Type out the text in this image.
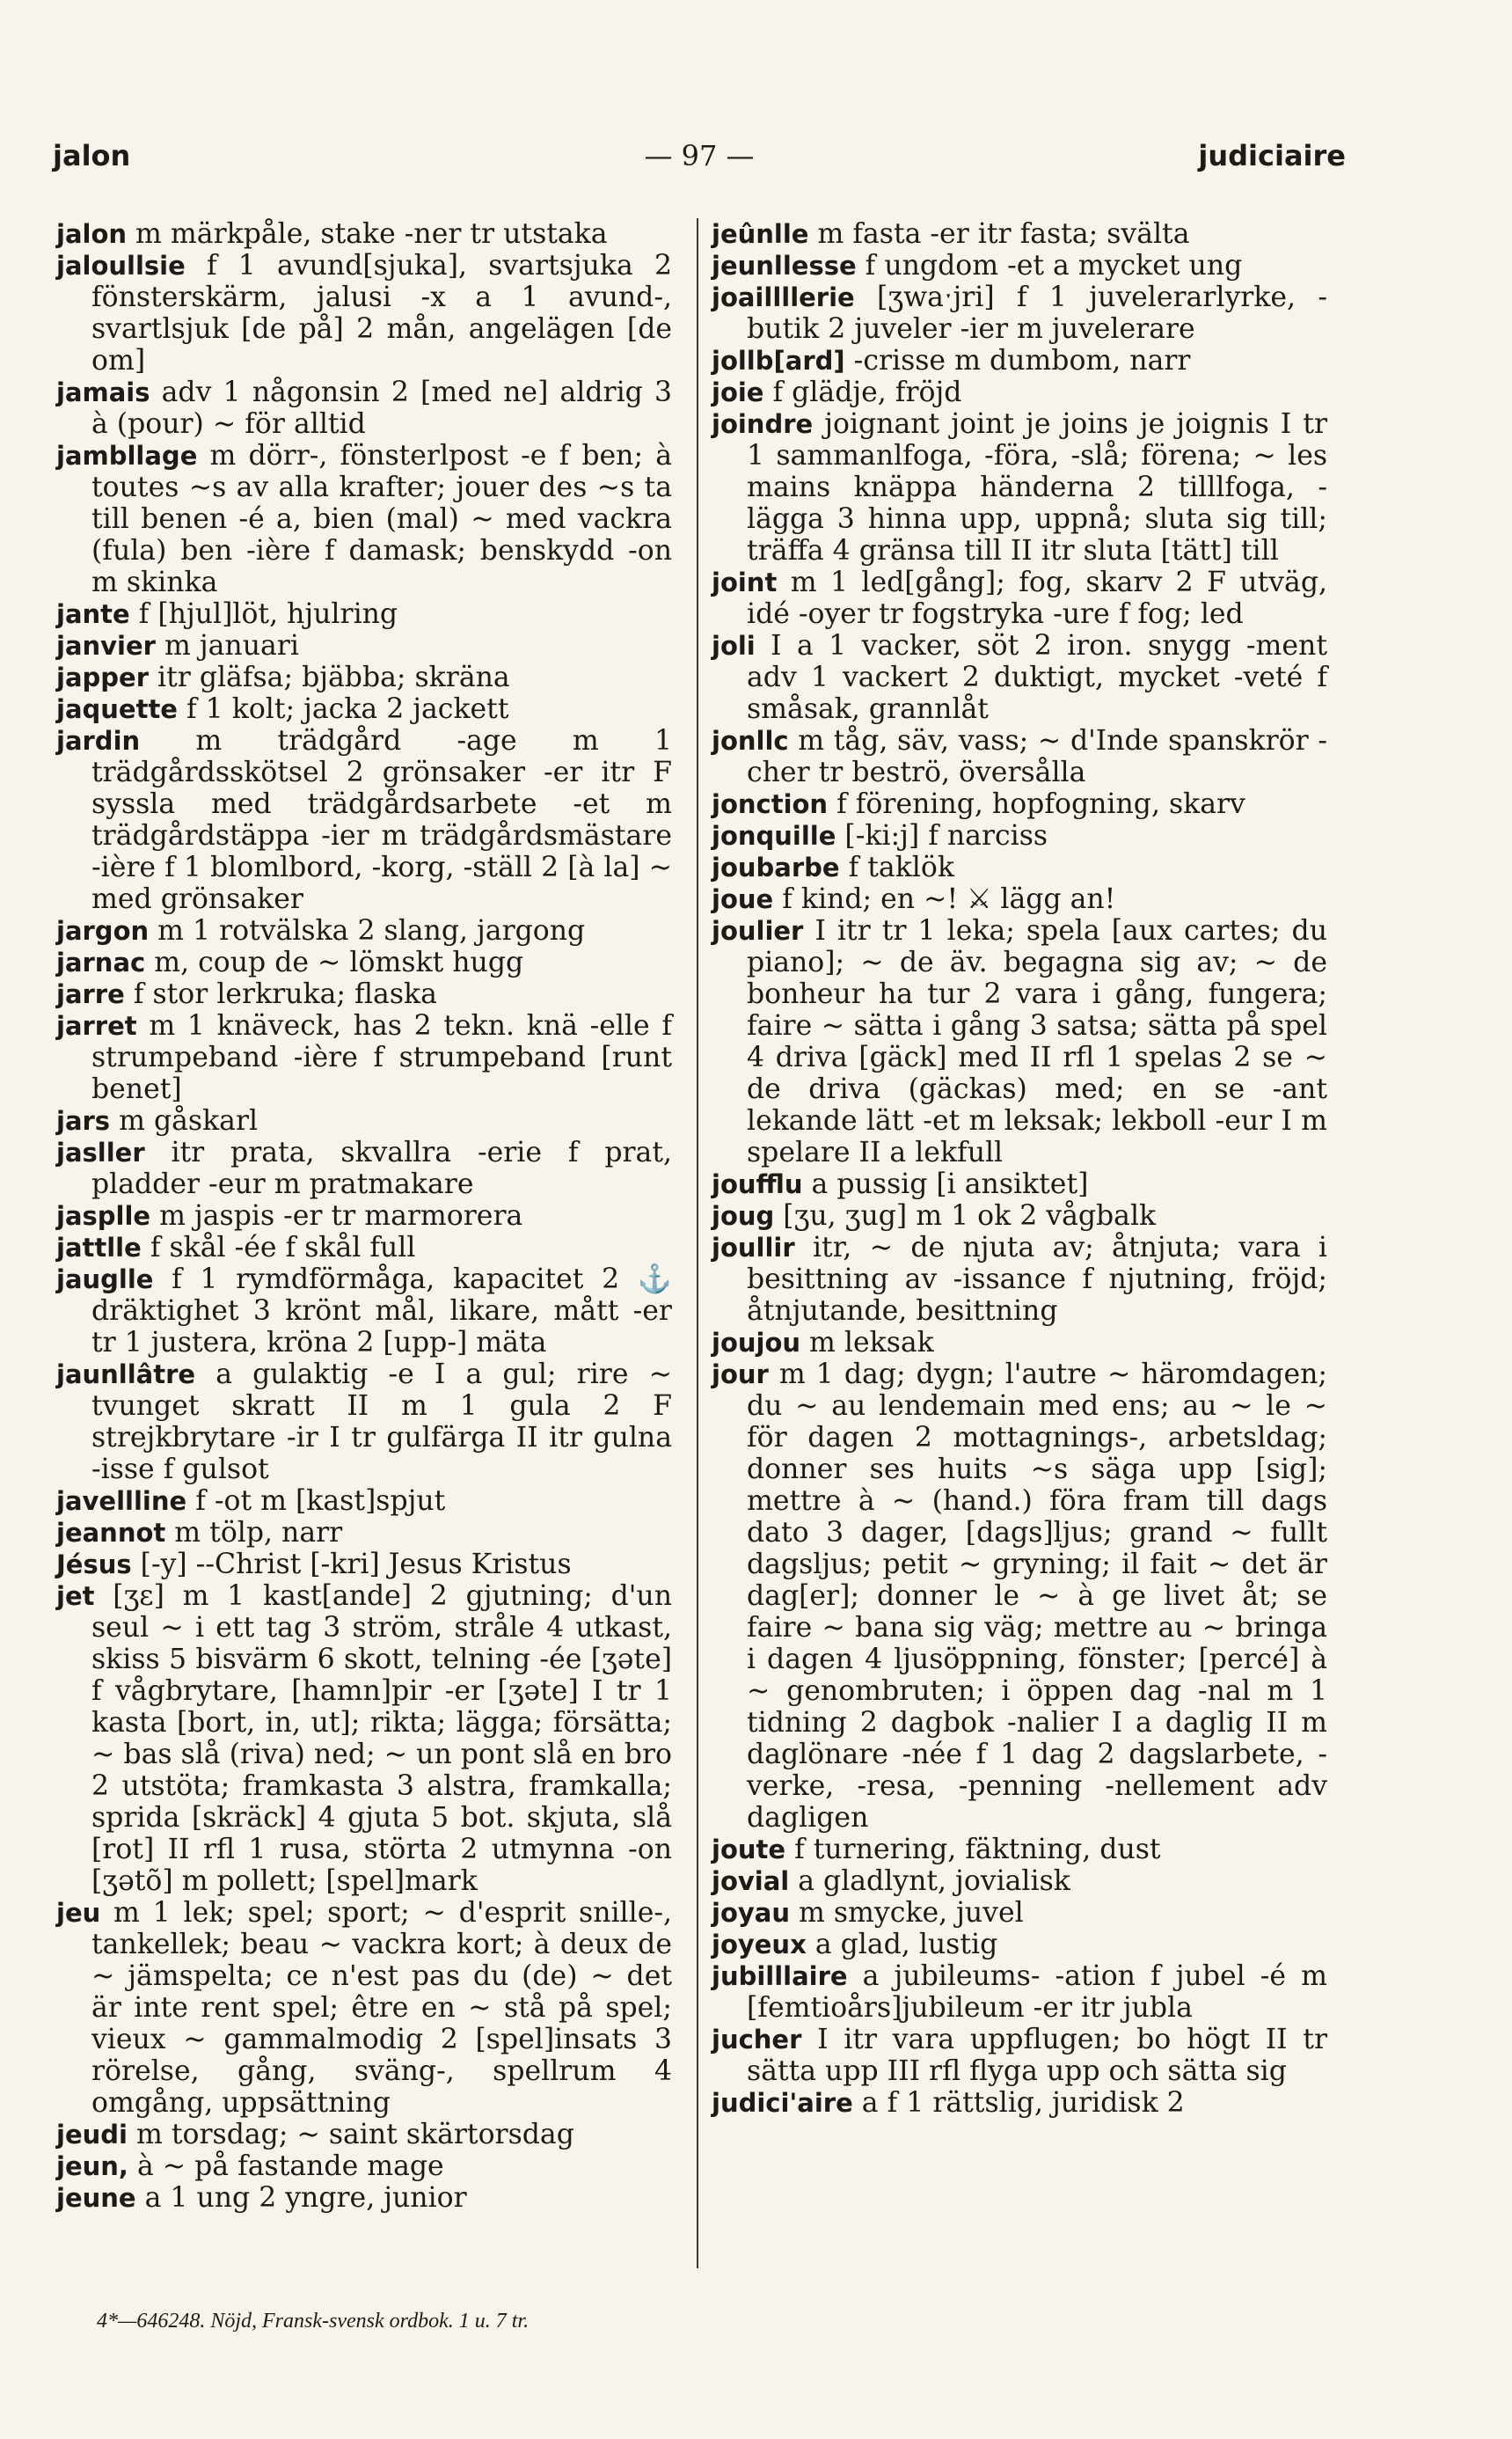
jalon	— 97 —	judiciaire
jalon m märkpåle, stake -ner tr utstaka
jaloullsie f 1 avund[sjuka], svartsjuka 2 fönsterskärm, jalusi -x a 1 avund-, svartlsjuk [de på] 2 mån, angelägen [de om]
jamais adv 1 någonsin 2 [med ne] aldrig 3 à (pour) ~ för alltid
jambllage m dörr-, fönsterlpost -e f ben; à toutes ~s av alla krafter; jouer des ~s ta till benen -é a, bien (mal) ~ med vackra (fula) ben -ière f damask; benskydd -on m skinka
jante f [hjul]löt, hjulring
janvier m januari
japper itr gläfsa; bjäbba; skräna
jaquette f 1 kolt; jacka 2 jackett
jardin m trädgård -age m 1 trädgårdsskötsel 2 grönsaker -er itr F syssla med trädgårdsarbete -et m trädgårdstäppa -ier m trädgårdsmästare -ière f 1 blomlbord, -korg, -ställ 2 [à la] ~ med grönsaker
jargon m 1 rotvälska 2 slang, jargong
jarnac m, coup de ~ lömskt hugg
jarre f stor lerkruka; flaska
jarret m 1 knäveck, has 2 tekn. knä -elle f strumpeband -ière f strumpeband [runt benet]
jars m gåskarl
jasller itr prata, skvallra -erie f prat, pladder -eur m pratmakare
jasplle m jaspis -er tr marmorera
jattlle f skål -ée f skål full
jauglle f 1 rymdförmåga, kapacitet 2 ⚓ dräktighet 3 krönt mål, likare, mått -er tr 1 justera, kröna 2 [upp-] mäta
jaunllâtre a gulaktig -e I a gul; rire ~ tvunget skratt II m 1 gula 2 F strejkbrytare -ir I tr gulfärga II itr gulna -isse f gulsot
javellline f -ot m [kast]spjut
jeannot m tölp, narr
Jésus [-y] --Christ [-kri] Jesus Kristus
jet [ʒɛ] m 1 kast[ande] 2 gjutning; d'un seul ~ i ett tag 3 ström, stråle 4 utkast, skiss 5 bisvärm 6 skott, telning -ée [ʒəte] f vågbrytare, [hamn]pir -er [ʒəte] I tr 1 kasta [bort, in, ut]; rikta; lägga; försätta; ~ bas slå (riva) ned; ~ un pont slå en bro 2 utstöta; framkasta 3 alstra, framkalla; sprida [skräck] 4 gjuta 5 bot. skjuta, slå [rot] II rfl 1 rusa, störta 2 utmynna -on [ʒətõ] m pollett; [spel]mark
jeu m 1 lek; spel; sport; ~ d'esprit snille-, tankellek; beau ~ vackra kort; à deux de ~ jämspelta; ce n'est pas du (de) ~ det är inte rent spel; être en ~ stå på spel; vieux ~ gammalmodig 2 [spel]insats 3 rörelse, gång, sväng-, spellrum 4 omgång, uppsättning
jeudi m torsdag; ~ saint skärtorsdag
jeun, à ~ på fastande mage
jeune a 1 ung 2 yngre, junior
jeûnlle m fasta -er itr fasta; svälta
jeunllesse f ungdom -et a mycket ung
joaillllerie [ʒwaˑjri] f 1 juvelerarlyrke, -butik 2 juveler -ier m juvelerare
jollb[ard] -crisse m dumbom, narr
joie f glädje, fröjd
joindre joignant joint je joins je joignis I tr 1 sammanlfoga, -föra, -slå; förena; ~ les mains knäppa händerna 2 tilllfoga, -lägga 3 hinna upp, uppnå; sluta sig till; träffa 4 gränsa till II itr sluta [tätt] till
joint m 1 led[gång]; fog, skarv 2 F utväg, idé -oyer tr fogstryka -ure f fog; led
joli I a 1 vacker, söt 2 iron. snygg -ment adv 1 vackert 2 duktigt, mycket -veté f småsak, grannlåt
jonllc m tåg, säv, vass; ~ d'Inde spanskrör -cher tr beströ, översålla
jonction f förening, hopfogning, skarv
jonquille [-ki:j] f narciss
joubarbe f taklök
joue f kind; en ~! ⚔ lägg an!
joulier I itr tr 1 leka; spela [aux cartes; du piano]; ~ de äv. begagna sig av; ~ de bonheur ha tur 2 vara i gång, fungera; faire ~ sätta i gång 3 satsa; sätta på spel 4 driva [gäck] med II rfl 1 spelas 2 se ~ de driva (gäckas) med; en se -ant lekande lätt -et m leksak; lekboll -eur I m spelare II a lekfull
joufflu a pussig [i ansiktet]
joug [ʒu, ʒug] m 1 ok 2 vågbalk
joullir itr, ~ de njuta av; åtnjuta; vara i besittning av -issance f njutning, fröjd; åtnjutande, besittning
joujou m leksak
jour m 1 dag; dygn; l'autre ~ häromdagen; du ~ au lendemain med ens; au ~ le ~ för dagen 2 mottagnings-, arbetsldag; donner ses huits ~s säga upp [sig]; mettre à ~ (hand.) föra fram till dags dato 3 dager, [dags]ljus; grand ~ fullt dagsljus; petit ~ gryning; il fait ~ det är dag[er]; donner le ~ à ge livet åt; se faire ~ bana sig väg; mettre au ~ bringa i dagen 4 ljusöppning, fönster; [percé] à ~ genombruten; i öppen dag -nal m 1 tidning 2 dagbok -nalier I a daglig II m daglönare -née f 1 dag 2 dagslarbete, -verke, -resa, -penning -nellement adv dagligen
joute f turnering, fäktning, dust
jovial a gladlynt, jovialisk
joyau m smycke, juvel
joyeux a glad, lustig
jubilllaire a jubileums- -ation f jubel -é m [femtioårs]jubileum -er itr jubla
jucher I itr vara uppflugen; bo högt II tr sätta upp III rfl flyga upp och sätta sig
judici'aire a f 1 rättslig, juridisk 2
4*—646248. Nöjd, Fransk-svensk ordbok. 1 u. 7 tr.
